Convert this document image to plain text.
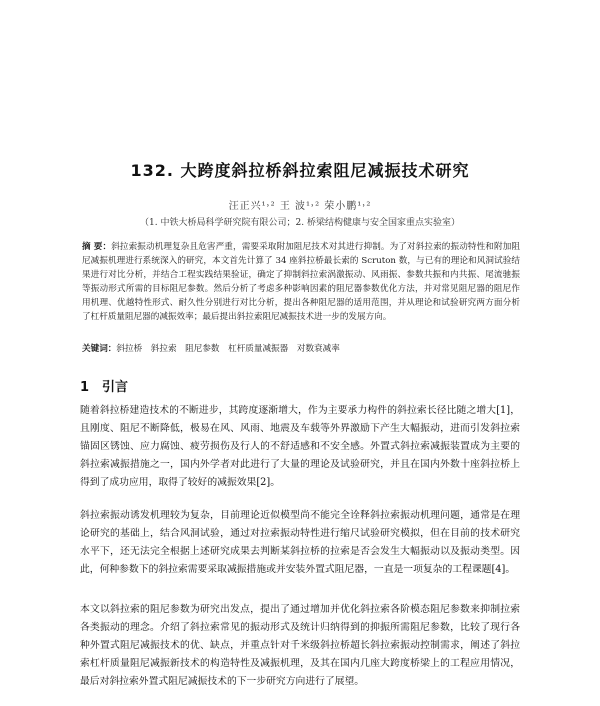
132. 大跨度斜拉桥斜拉索阻尼减振技术研究
汪正兴¹˒² 王 波¹˒² 荣小鹏¹˒²
（1. 中铁大桥局科学研究院有限公司；2. 桥梁结构健康与安全国家重点实验室）

摘 要：斜拉索振动机理复杂且危害严重，需要采取附加阻尼技术对其进行抑制。为了对斜拉索的振动特性和附加阻尼减振机理进行系统深入的研究，本文首先计算了 34 座斜拉桥最长索的 Scruton 数，与已有的理论和风洞试验结果进行对比分析，并结合工程实践结果验证，确定了抑制斜拉索涡激振动、风雨振、参数共振和内共振、尾流驰振等振动形式所需的目标阻尼参数。然后分析了考虑多种影响因素的阻尼器参数优化方法，并对常见阻尼器的阻尼作用机理、优越特性形式、耐久性分别进行对比分析，提出各种阻尼器的适用范围，并从理论和试验研究两方面分析了杠杆质量阻尼器的减振效率；最后提出斜拉索阻尼减振技术进一步的发展方向。

关键词：斜拉桥　斜拉索　阻尼参数　杠杆质量减振器　对数衰减率

1　引言

随着斜拉桥建造技术的不断进步，其跨度逐渐增大，作为主要承力构件的斜拉索长径比随之增大[1]，且刚度、阻尼不断降低，极易在风、风雨、地震及车载等外界激励下产生大幅振动，进而引发斜拉索锚固区锈蚀、应力腐蚀、疲劳损伤及行人的不舒适感和不安全感。外置式斜拉索减振装置成为主要的斜拉索减振措施之一，国内外学者对此进行了大量的理论及试验研究，并且在国内外数十座斜拉桥上得到了成功应用，取得了较好的减振效果[2]。

斜拉索振动诱发机理较为复杂，目前理论近似模型尚不能完全诠释斜拉索振动机理问题，通常是在理论研究的基础上，结合风洞试验，通过对拉索振动特性进行缩尺试验研究模拟，但在目前的技术研究水平下，还无法完全根据上述研究成果去判断某斜拉桥的拉索是否会发生大幅振动以及振动类型。因此，何种参数下的斜拉索需要采取减振措施或并安装外置式阻尼器，一直是一项复杂的工程课题[4]。

本文以斜拉索的阻尼参数为研究出发点，提出了通过增加并优化斜拉索各阶模态阻尼参数来抑制拉索各类振动的理念。介绍了斜拉索常见的振动形式及统计归纳得到的抑振所需阻尼参数，比较了现行各种外置式阻尼减振技术的优、缺点，并重点针对千米级斜拉桥超长斜拉索振动控制需求，阐述了斜拉索杠杆质量阻尼减振新技术的构造特性及减振机理，及其在国内几座大跨度桥梁上的工程应用情况，最后对斜拉索外置式阻尼减振技术的下一步研究方向进行了展望。
